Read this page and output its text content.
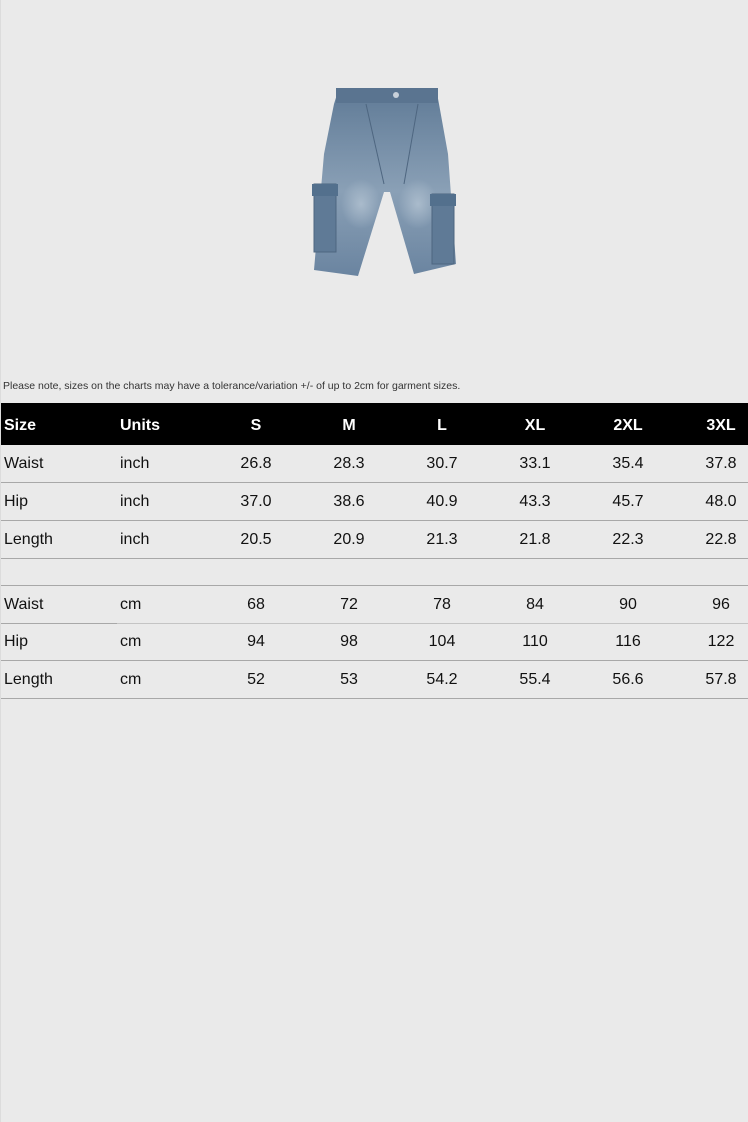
Please note, sizes on the charts may have a tolerance/variation +/- of up to 2cm for garment sizes.
Size	Units	S	M	L	XL	2XL	3XL
Waist	inch	26.8	28.3	30.7	33.1	35.4	37.8
Hip	inch	37.0	38.6	40.9	43.3	45.7	48.0
Length	inch	20.5	20.9	21.3	21.8	22.3	22.8
Waist	cm	68	72	78	84	90	96
Hip	cm	94	98	104	110	116	122
Length	cm	52	53	54.2	55.4	56.6	57.8
